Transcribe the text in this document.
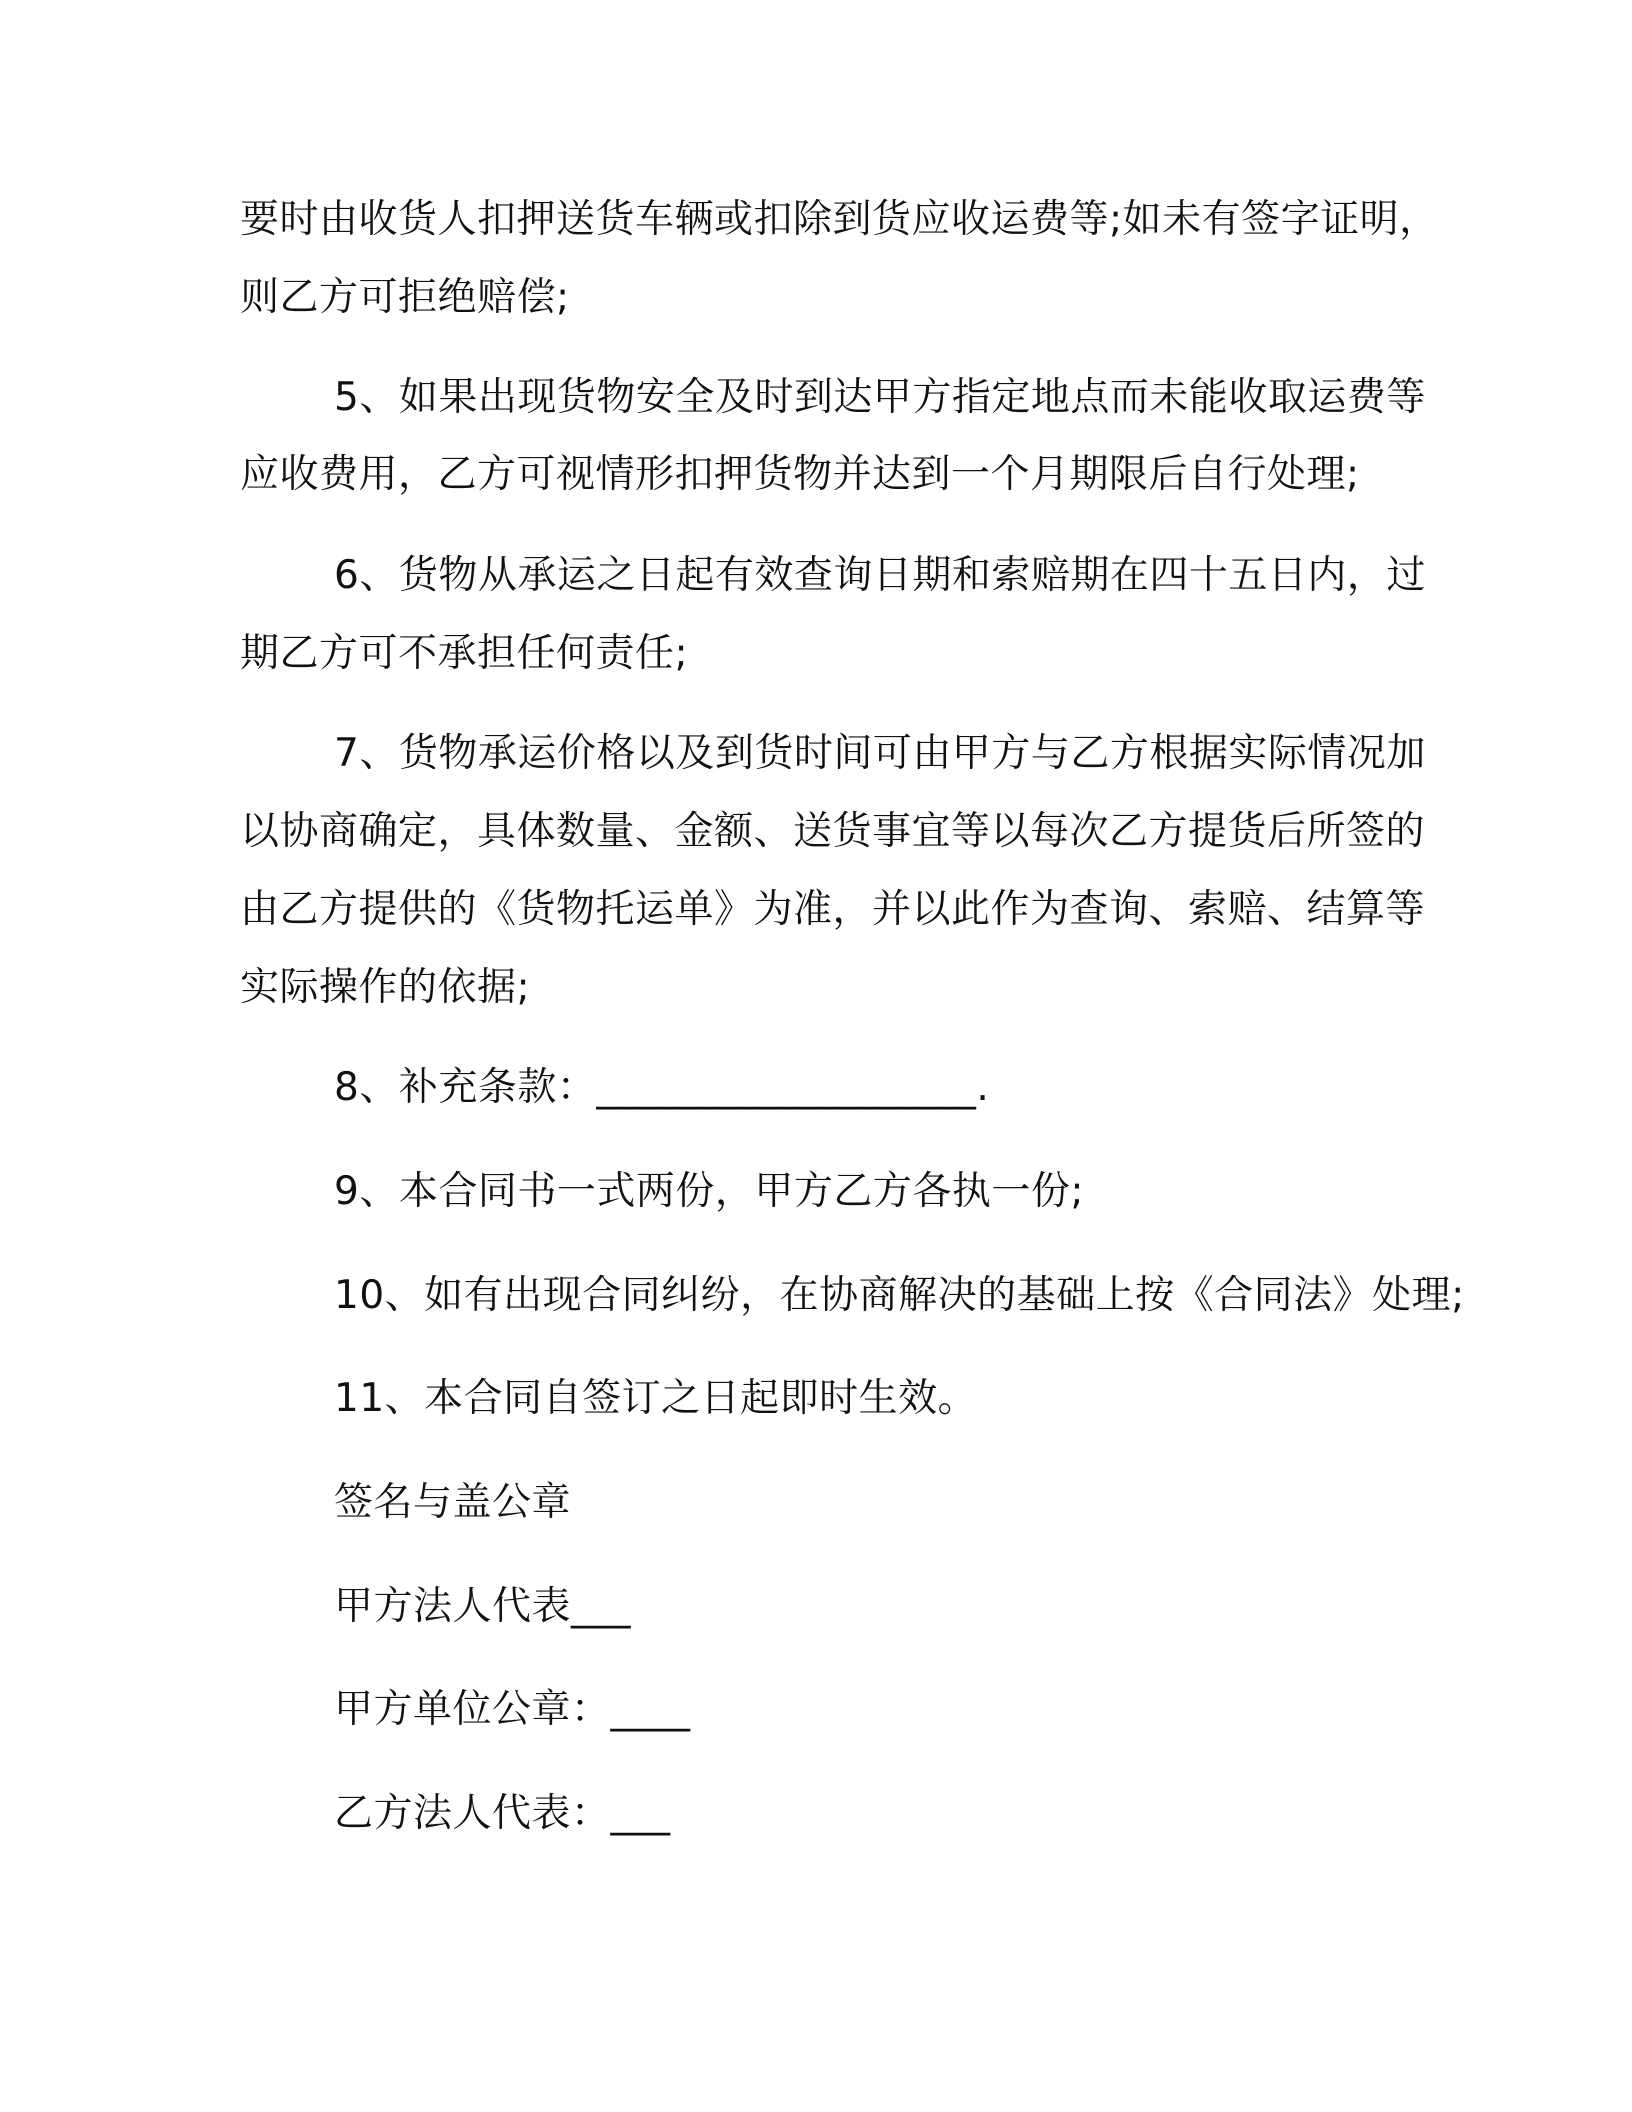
要时由收货人扣押送货车辆或扣除到货应收运费等;如未有签字证明，
则乙方可拒绝赔偿;
5、如果出现货物安全及时到达甲方指定地点而未能收取运费等
应收费用，乙方可视情形扣押货物并达到一个月期限后自行处理;
6、货物从承运之日起有效查询日期和索赔期在四十五日内，过
期乙方可不承担任何责任;
7、货物承运价格以及到货时间可由甲方与乙方根据实际情况加
以协商确定，具体数量、金额、送货事宜等以每次乙方提货后所签的
由乙方提供的《货物托运单》为准，并以此作为查询、索赔、结算等
实际操作的依据;
8、补充条款：___________________.
9、本合同书一式两份，甲方乙方各执一份;
10、如有出现合同纠纷，在协商解决的基础上按《合同法》处理;
11、本合同自签订之日起即时生效。
签名与盖公章
甲方法人代表___
甲方单位公章：____
乙方法人代表：___
